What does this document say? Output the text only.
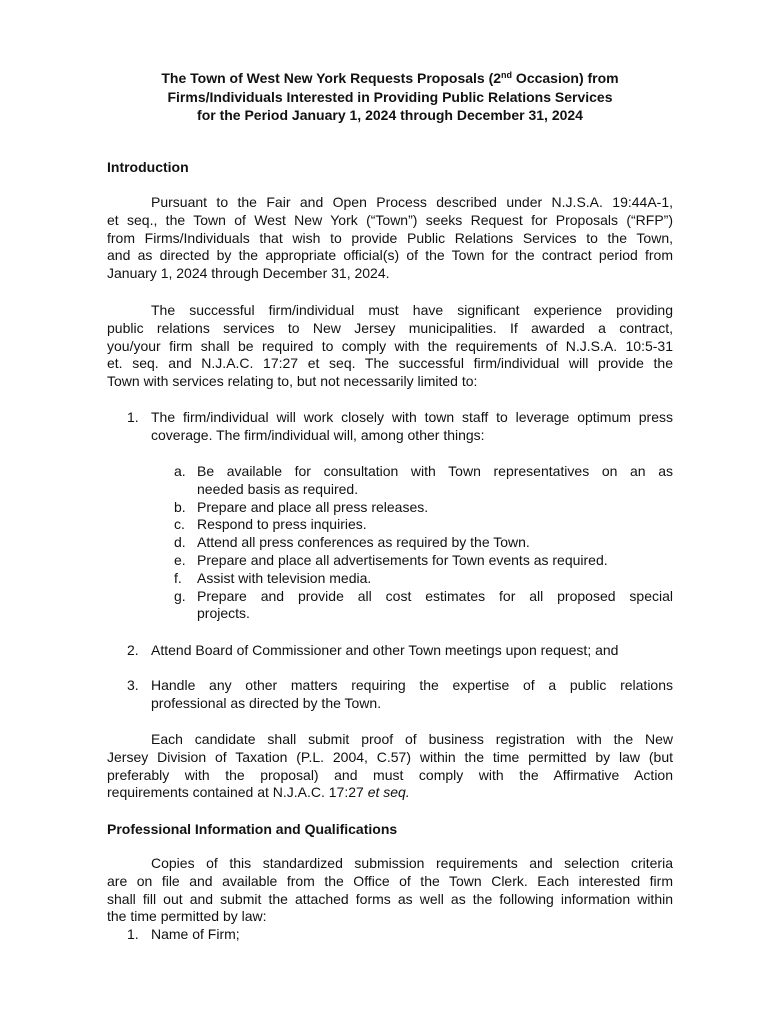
The Town of West New York Requests Proposals (2nd Occasion) from
Firms/Individuals Interested in Providing Public Relations Services
for the Period January 1, 2024 through December 31, 2024
Introduction

Pursuant to the Fair and Open Process described under N.J.S.A. 19:44A-1,
et seq., the Town of West New York (“Town”) seeks Request for Proposals (“RFP”)
from Firms/Individuals that wish to provide Public Relations Services to the Town,
and as directed by the appropriate official(s) of the Town for the contract period from
January 1, 2024 through December 31, 2024.

The successful firm/individual must have significant experience providing
public relations services to New Jersey municipalities. If awarded a contract,
you/your firm shall be required to comply with the requirements of N.J.S.A. 10:5-31
et. seq. and N.J.A.C. 17:27 et seq. The successful firm/individual will provide the
Town with services relating to, but not necessarily limited to:

1. The firm/individual will work closely with town staff to leverage optimum press
coverage. The firm/individual will, among other things:
a. Be available for consultation with Town representatives on an as
needed basis as required.
b. Prepare and place all press releases.
c. Respond to press inquiries.
d. Attend all press conferences as required by the Town.
e. Prepare and place all advertisements for Town events as required.
f. Assist with television media.
g. Prepare and provide all cost estimates for all proposed special
projects.
2. Attend Board of Commissioner and other Town meetings upon request; and
3. Handle any other matters requiring the expertise of a public relations
professional as directed by the Town.

Each candidate shall submit proof of business registration with the New
Jersey Division of Taxation (P.L. 2004, C.57) within the time permitted by law (but
preferably with the proposal) and must comply with the Affirmative Action
requirements contained at N.J.A.C. 17:27 et seq.

Professional Information and Qualifications

Copies of this standardized submission requirements and selection criteria
are on file and available from the Office of the Town Clerk. Each interested firm
shall fill out and submit the attached forms as well as the following information within
the time permitted by law:

1. Name of Firm;
